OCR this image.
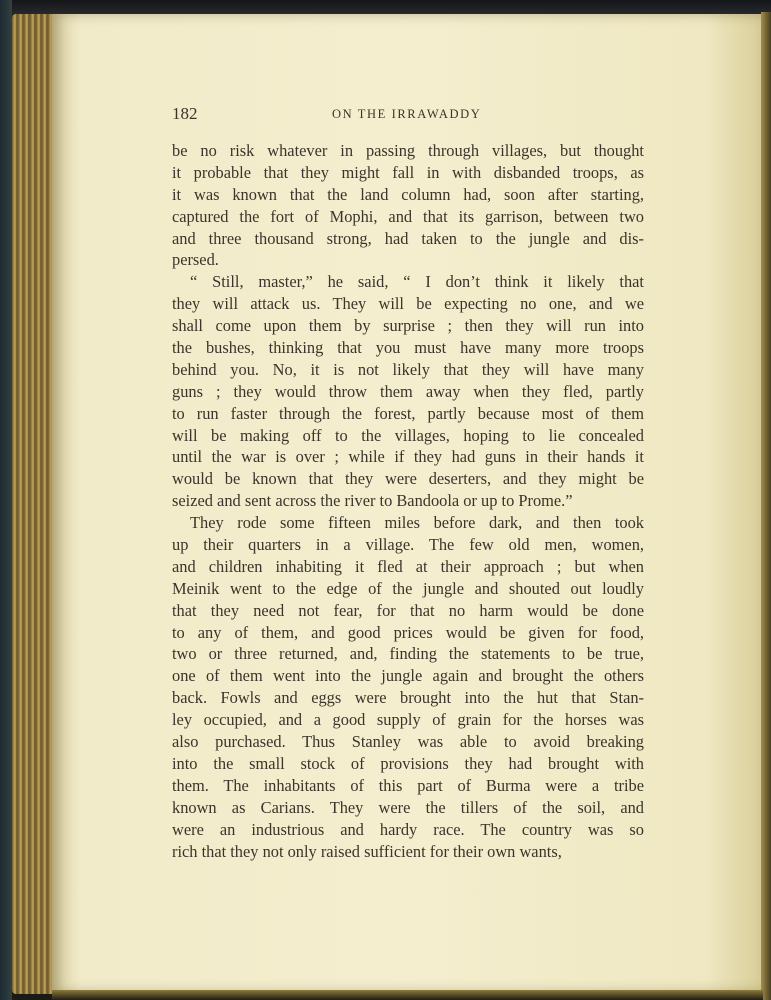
182	ON THE IRRAWADDY
be no risk whatever in passing through villages, but thought
it probable that they might fall in with disbanded troops, as
it was known that the land column had, soon after starting,
captured the fort of Mophi, and that its garrison, between two
and three thousand strong, had taken to the jungle and dis-
persed.
“ Still, master,” he said, “ I don’t think it likely that
they will attack us. They will be expecting no one, and we
shall come upon them by surprise ; then they will run into
the bushes, thinking that you must have many more troops
behind you. No, it is not likely that they will have many
guns ; they would throw them away when they fled, partly
to run faster through the forest, partly because most of them
will be making off to the villages, hoping to lie concealed
until the war is over ; while if they had guns in their hands it
would be known that they were deserters, and they might be
seized and sent across the river to Bandoola or up to Prome.”
They rode some fifteen miles before dark, and then took
up their quarters in a village. The few old men, women,
and children inhabiting it fled at their approach ; but when
Meinik went to the edge of the jungle and shouted out loudly
that they need not fear, for that no harm would be done
to any of them, and good prices would be given for food,
two or three returned, and, finding the statements to be true,
one of them went into the jungle again and brought the others
back. Fowls and eggs were brought into the hut that Stan-
ley occupied, and a good supply of grain for the horses was
also purchased. Thus Stanley was able to avoid breaking
into the small stock of provisions they had brought with
them. The inhabitants of this part of Burma were a tribe
known as Carians. They were the tillers of the soil, and
were an industrious and hardy race. The country was so
rich that they not only raised sufficient for their own wants,
